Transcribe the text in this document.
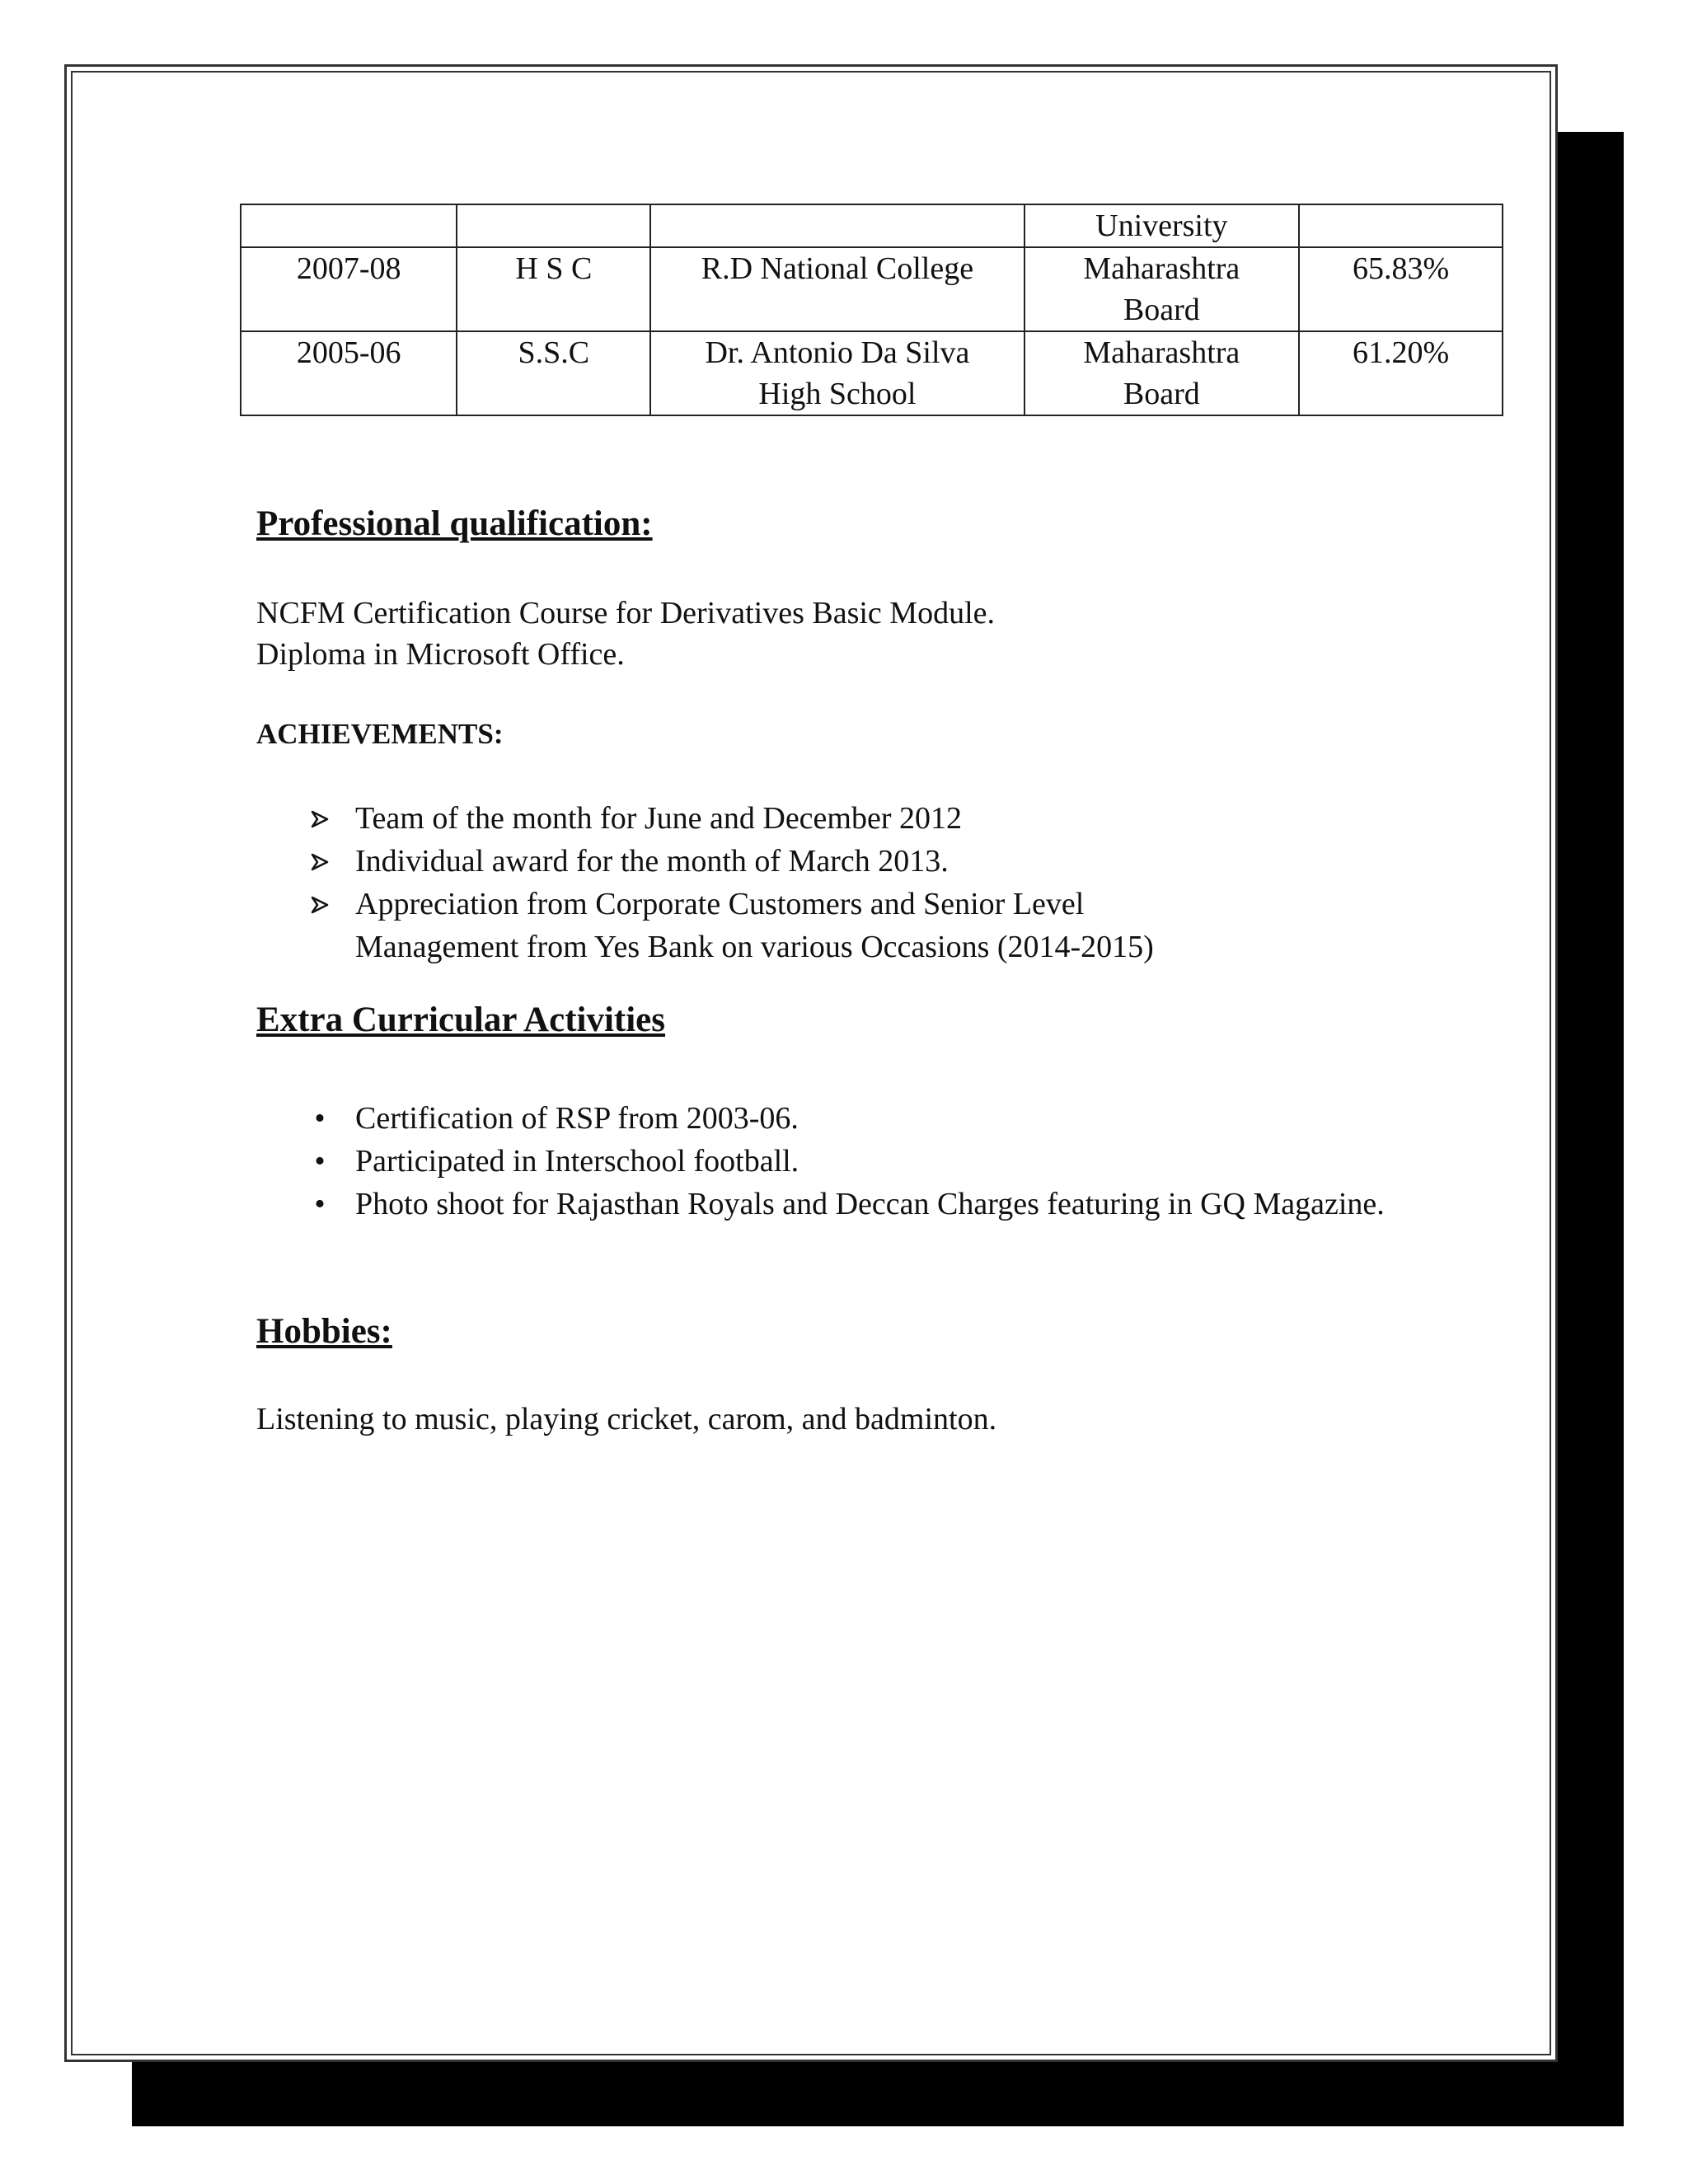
			University	
2007-08	H S C	R.D National College	Maharashtra Board	65.83%
2005-06	S.S.C	Dr. Antonio Da Silva High School	Maharashtra Board	61.20%
Professional qualification:
NCFM Certification Course for Derivatives Basic Module.
Diploma in Microsoft Office.
ACHIEVEMENTS:
Team of the month for June and December 2012
Individual award for the month of March 2013.
Appreciation from Corporate Customers and Senior Level Management from Yes Bank on various Occasions (2014-2015)
Extra Curricular Activities
• Certification of RSP from 2003-06.
• Participated in Interschool football.
• Photo shoot for Rajasthan Royals and Deccan Charges featuring in GQ Magazine.
Hobbies:
Listening to music, playing cricket, carom, and badminton.
